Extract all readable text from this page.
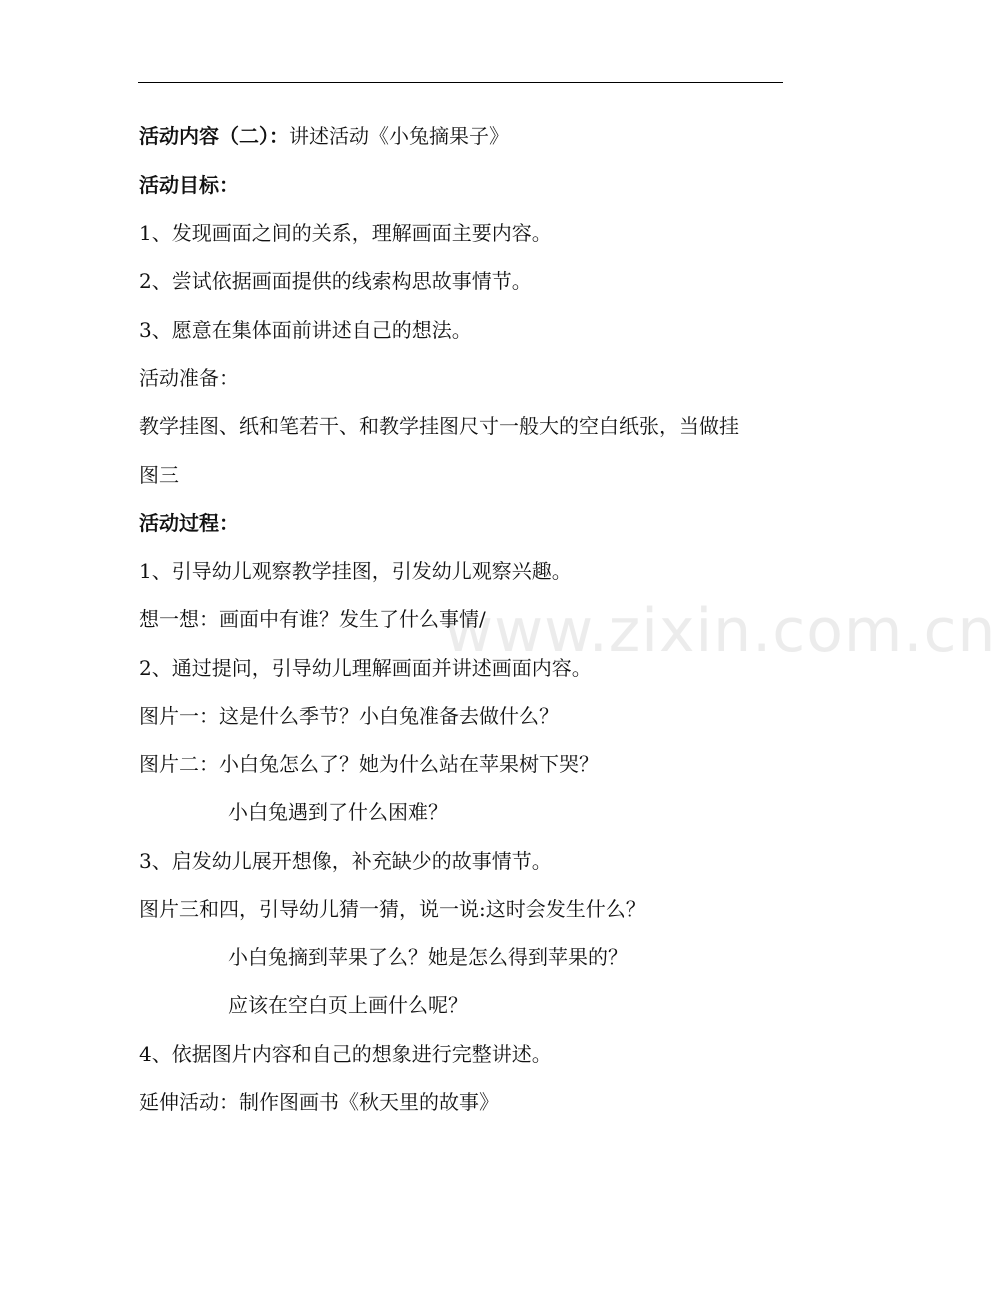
www.zixin.com.cn
活动内容（二）：讲述活动《小兔摘果子》
活动目标：
1、发现画面之间的关系，理解画面主要内容。
2、尝试依据画面提供的线索构思故事情节。
3、愿意在集体面前讲述自己的想法。
活动准备：
教学挂图、纸和笔若干、和教学挂图尺寸一般大的空白纸张，当做挂
图三
活动过程：
1、引导幼儿观察教学挂图，引发幼儿观察兴趣。
想一想：画面中有谁？发生了什么事情/
2、通过提问，引导幼儿理解画面并讲述画面内容。
图片一：这是什么季节？小白兔准备去做什么？
图片二：小白兔怎么了？她为什么站在苹果树下哭？
小白兔遇到了什么困难？
3、启发幼儿展开想像，补充缺少的故事情节。
图片三和四，引导幼儿猜一猜，说一说:这时会发生什么？
小白兔摘到苹果了么？她是怎么得到苹果的？
应该在空白页上画什么呢？
4、依据图片内容和自己的想象进行完整讲述。
延伸活动：制作图画书《秋天里的故事》
